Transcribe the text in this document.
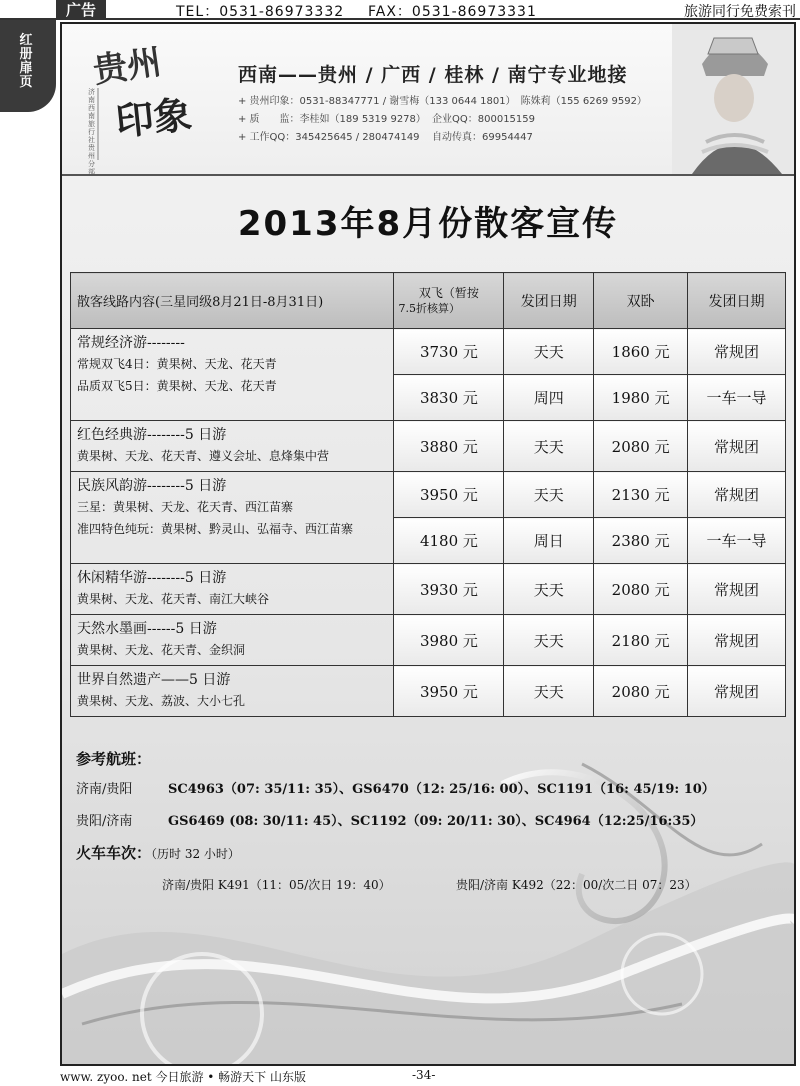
广告	TEL：0531-86973332 FAX：0531-86973331	旅游同行免费索刊
红册扉页 贵州
印象
济南西南旅行社贵州分部
西南——贵州 / 广西 / 桂林 / 南宁专业地接
+ 贵州印象：0531-88347771 / 谢雪梅（133 0644 1801）　陈姝莉（155 6269 9592）
+ 质　　监：李桂如（189 5319 9278） 企业QQ：800015159
+ 工作QQ：345425645 / 280474149 自动传真：69954447
2013年8月份散客宣传
散客线路内容(三星同级8月21日-8月31日)	双飞（暂按
7.5折核算）	发团日期	双卧	发团日期

常规经济游--------
常规双飞4日：黄果树、天龙、花天青
品质双飞5日：黄果树、天龙、花天青	3730 元	天天	1860 元	常规团
	3830 元	周四	1980 元	一车一导

红色经典游--------5 日游
黄果树、天龙、花天青、遵义会址、息烽集中营	3880 元	天天	2080 元	常规团

民族风韵游--------5 日游
三星：黄果树、天龙、花天青、西江苗寨
准四特色纯玩：黄果树、黔灵山、弘福寺、西江苗寨	3950 元	天天	2130 元	常规团
	4180 元	周日	2380 元	一车一导

休闲精华游--------5 日游
黄果树、天龙、花天青、南江大峡谷	3930 元	天天	2080 元	常规团

天然水墨画------5 日游
黄果树、天龙、花天青、金织洞	3980 元	天天	2180 元	常规团

世界自然遗产——5 日游
黄果树、天龙、荔波、大小七孔	3950 元	天天	2080 元	常规团
参考航班：
济南/贵阳	SC4963（07: 35/11: 35）、GS6470（12: 25/16: 00）、SC1191（16: 45/19: 10）
贵阳/济南	GS6469 (08: 30/11: 45）、SC1192（09: 20/11: 30）、SC4964（12:25/16:35）
火车车次：（历时 32 小时）
济南/贵阳 K491（11：05/次日 19：40）	贵阳/济南 K492（22：00/次二日 07：23）
www. zyoo. net 今日旅游 • 畅游天下 山东版	-34-
